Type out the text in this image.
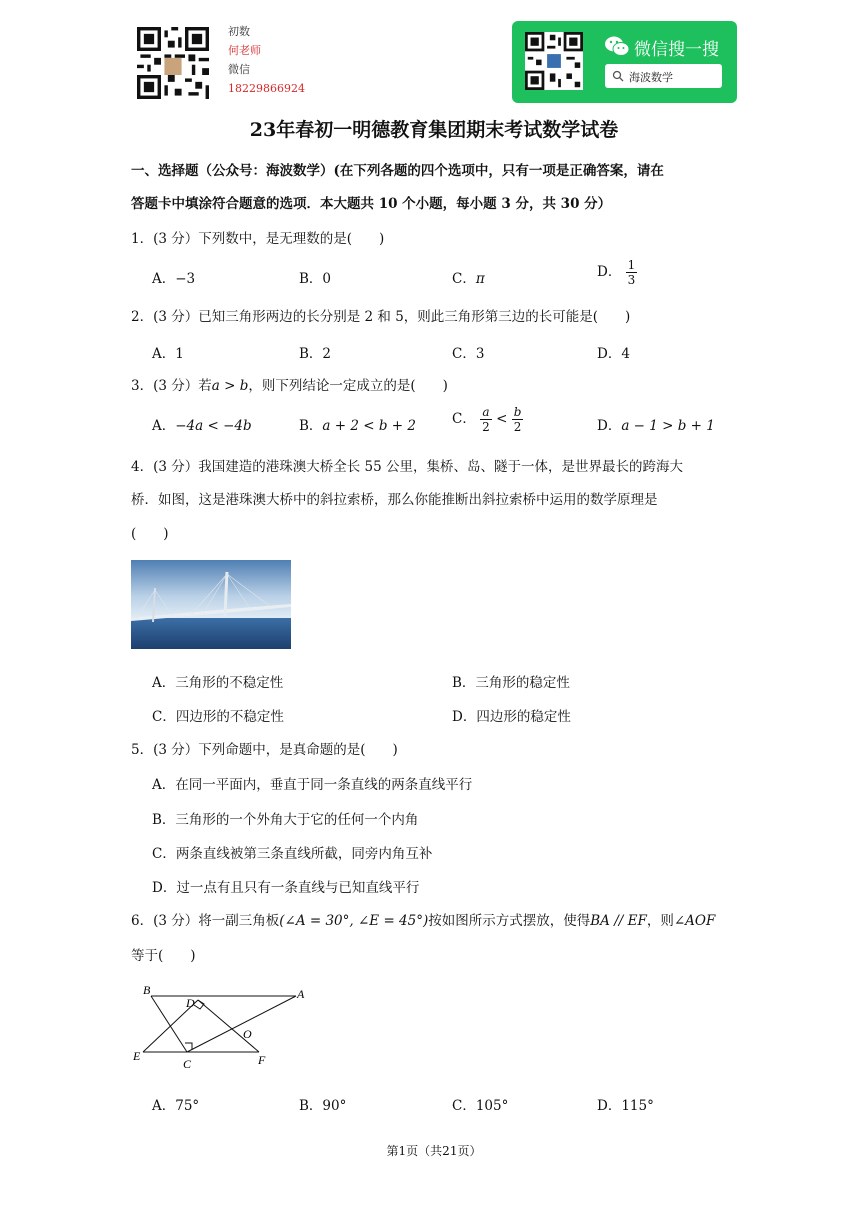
初数
何老师
微信
18229866924
微信搜一搜
海波数学
23年春初一明德教育集团期末考试数学试卷
一、选择题（公众号：海波数学）(在下列各题的四个选项中，只有一项是正确答案，请在
答题卡中填涂符合题意的选项．本大题共 10 个小题，每小题 3 分，共 30 分）
1．(3 分）下列数中，是无理数的是(　　)
A．−3	B．0	C．π	D． $\frac{1}{3}$
2．(3 分）已知三角形两边的长分别是 2 和 5，则此三角形第三边的长可能是(　　)
A．1	B．2	C．3	D．4
3．(3 分）若a > b，则下列结论一定成立的是(　　)
A．−4a < −4b	B．a + 2 < b + 2	C． $\frac{a}{2} < \frac{b}{2}$	D．a − 1 > b + 1
4．(3 分）我国建造的港珠澳大桥全长 55 公里，集桥、岛、隧于一体，是世界最长的跨海大
桥．如图，这是港珠澳大桥中的斜拉索桥，那么你能推断出斜拉索桥中运用的数学原理是
(　　)
A．三角形的不稳定性	B．三角形的稳定性
C．四边形的不稳定性	D．四边形的稳定性
5．(3 分）下列命题中，是真命题的是(　　)
A．在同一平面内，垂直于同一条直线的两条直线平行
B．三角形的一个外角大于它的任何一个内角
C．两条直线被第三条直线所截，同旁内角互补
D．过一点有且只有一条直线与已知直线平行
6．(3 分）将一副三角板(∠A = 30°, ∠E = 45°)按如图所示方式摆放，使得BA // EF，则∠AOF
等于(　　)
B
D
A
O
E
C	F
A．75°	B．90°	C．105°	D．115°
第1页（共21页）
